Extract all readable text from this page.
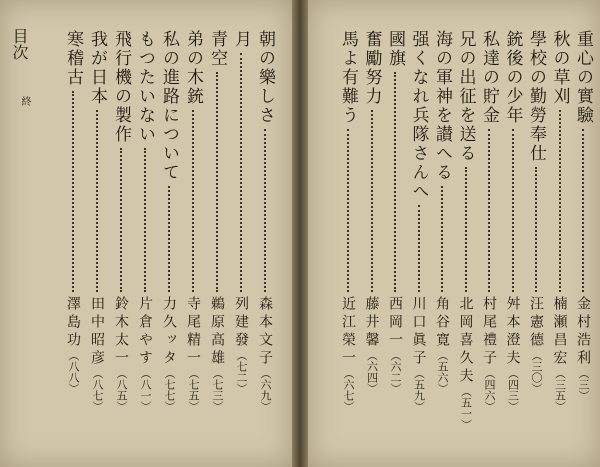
目次
終	朝の樂しさ
森本文子
（六九）
月
列建發
（七二）
青空
鵜原高雄
（七三）
弟の木銃
寺尾精一
（七五）
私の進路について
力久ッタ
（七七）
もつたいない
片倉やす
（八一）
飛行機の製作
鈴木太一
（八五）
我が日本
田中昭彦
（八七）
寒稽古
澤島功
（八八）
重心の實驗
金村浩利
（三）
秋の草刈
楠瀬昌宏
（三五）
學校の勤勞奉仕
汪憲德
（三〇）
銃後の少年
舛本澄夫
（四三）
私達の貯金
村尾禮子
（四六）
兄の出征を送る
北岡喜久夫
（五一）
海の軍神を讃へる
角谷寛
（五六）
强くなれ兵隊さんへ
川口眞子
（五九）
國旗
西岡一
（六二）
奮勵努力
藤井馨
（六四）
馬よ有難う
近江榮一
（六七）
